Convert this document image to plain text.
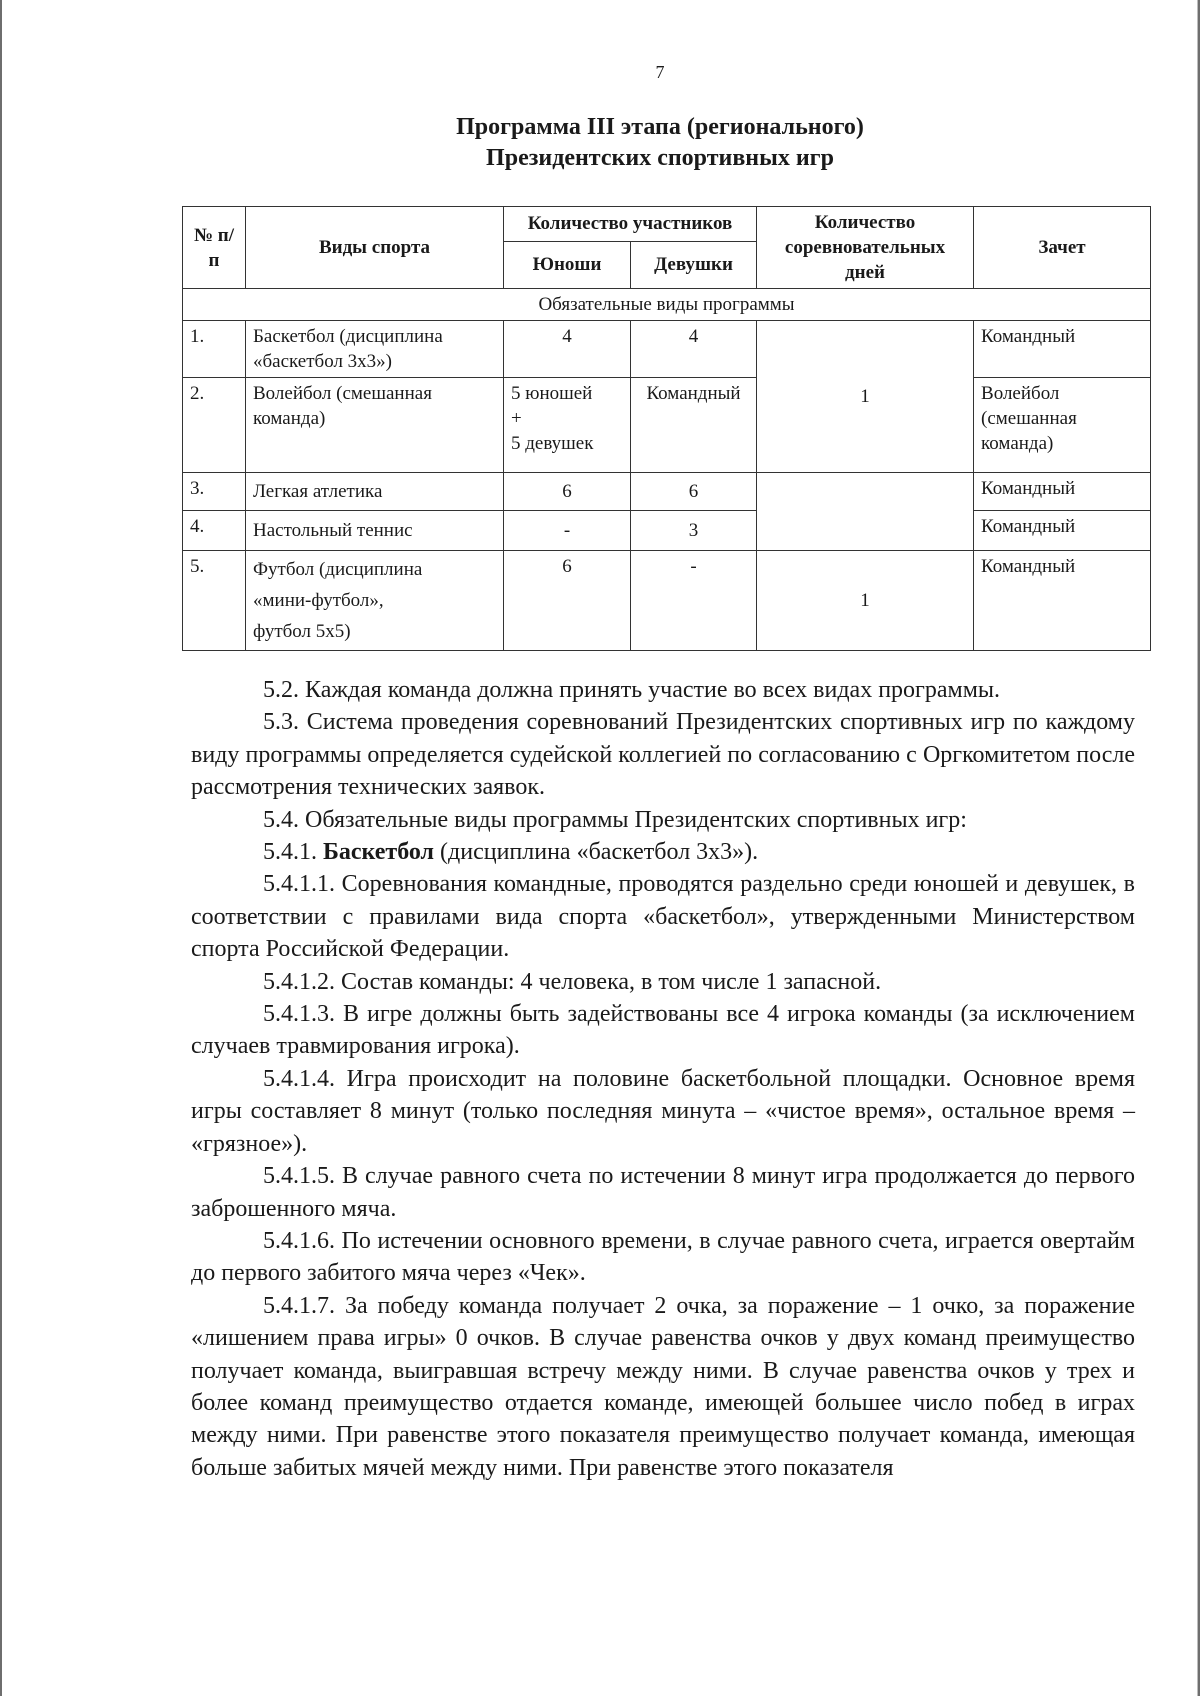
7
Программа III этапа (регионального)
Президентских спортивных игр
№ п/п	Виды спорта	Количество участников		Количество соревновательных дней	Зачет
		Юноши	Девушки		
Обязательные виды программы					
1.	Баскетбол (дисциплина «баскетбол 3х3»)	4	4	1	Командный
2.	Волейбол (смешанная команда)	5 юношей
+
5 девушек	Командный		Волейбол (смешанная команда)
3.	Легкая атлетика	6	6		Командный
4.	Настольный теннис	-	3		Командный
5.	Футбол (дисциплина
«мини-футбол»,
футбол 5х5)	6	-	1	Командный

5.2. Каждая команда должна принять участие во всех видах программы.

5.3. Система проведения соревнований Президентских спортивных игр по каждому виду программы определяется судейской коллегией по согласованию с Оргкомитетом после рассмотрения технических заявок.

5.4. Обязательные виды программы Президентских спортивных игр:

5.4.1. Баскетбол (дисциплина «баскетбол 3х3»).

5.4.1.1. Соревнования командные, проводятся раздельно среди юношей и девушек, в соответствии с правилами вида спорта «баскетбол», утвержденными Министерством спорта Российской Федерации.

5.4.1.2. Состав команды: 4 человека, в том числе 1 запасной.

5.4.1.3. В игре должны быть задействованы все 4 игрока команды (за исключением случаев травмирования игрока).

5.4.1.4. Игра происходит на половине баскетбольной площадки. Основное время игры составляет 8 минут (только последняя минута – «чистое время», остальное время – «грязное»).

5.4.1.5. В случае равного счета по истечении 8 минут игра продолжается до первого заброшенного мяча.

5.4.1.6. По истечении основного времени, в случае равного счета, играется овертайм до первого забитого мяча через «Чек».

5.4.1.7. За победу команда получает 2 очка, за поражение – 1 очко, за поражение «лишением права игры» 0 очков. В случае равенства очков у двух команд преимущество получает команда, выигравшая встречу между ними. В случае равенства очков у трех и более команд преимущество отдается команде, имеющей большее число побед в играх между ними. При равенстве этого показателя преимущество получает команда, имеющая больше забитых мячей между ними. При равенстве этого показателя
